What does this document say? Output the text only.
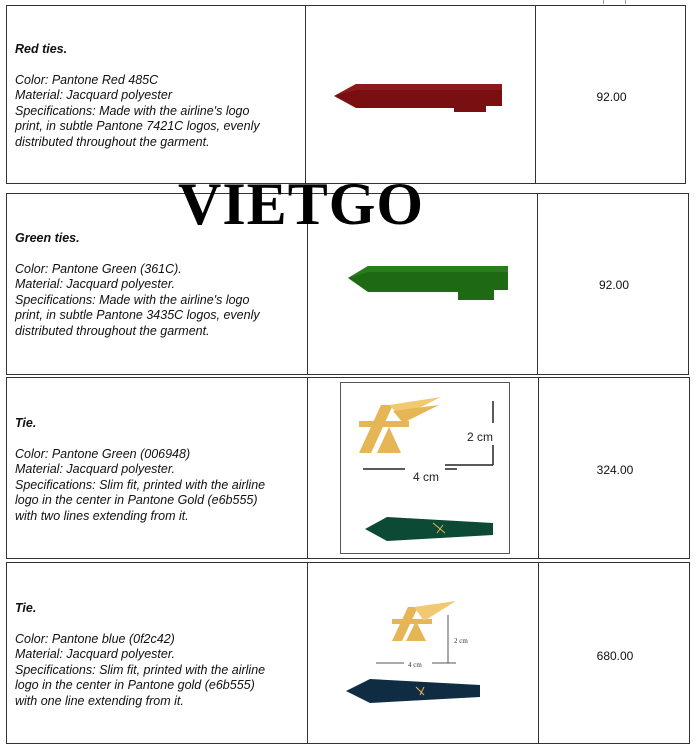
Red ties.
Color: Pantone Red 485C
Material: Jacquard polyester
Specifications: Made with the airline's logo
print, in subtle Pantone 7421C logos, evenly
distributed throughout the garment.
92.00
Green ties.
Color: Pantone Green (361C).
Material: Jacquard polyester.
Specifications: Made with the airline's logo
print, in subtle Pantone 3435C logos, evenly
distributed throughout the garment.
92.00
Tie.
Color: Pantone Green (006948)
Material: Jacquard polyester.
Specifications: Slim fit, printed with the airline
logo in the center in Pantone Gold (e6b555)
with two lines extending from it.
2 cm
4 cm	324.00
Tie.
Color: Pantone blue (0f2c42)
Material: Jacquard polyester.
Specifications: Slim fit, printed with the airline
logo in the center in Pantone gold (e6b555)
with one line extending from it.
2 cm
4 cm
680.00
VIETGO
